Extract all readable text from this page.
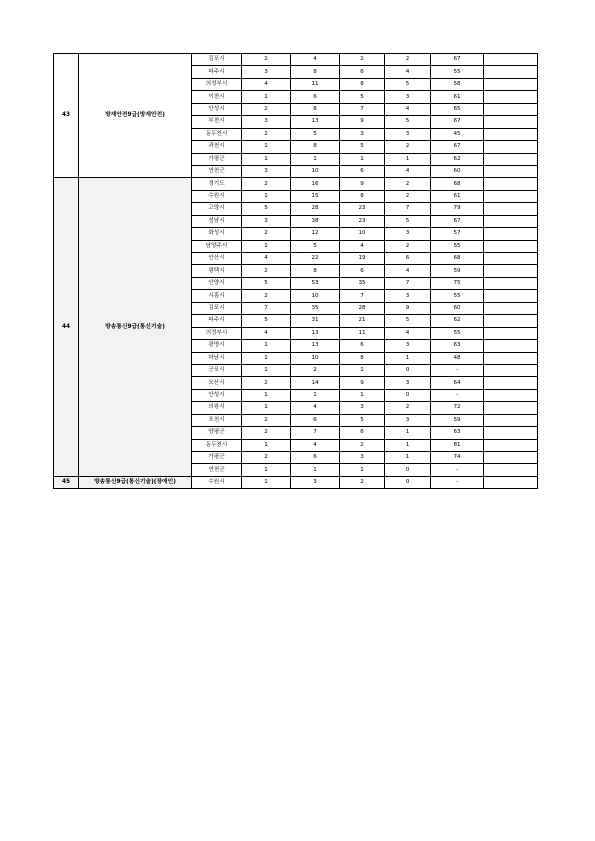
43	방재안전9급(방재안전)	김포시	2	4	2	2	67	
		파주시	3	8	6	4	55	
		의정부시	4	11	8	5	58	
		이천시	1	6	5	3	61	
		안성시	2	8	7	4	65	
		부천시	3	13	9	5	67	
		동두천시	2	5	3	3	45	
		과천시	1	8	5	2	67	
		가평군	1	1	1	1	62	
		연천군	3	10	6	4	60	
44	방송통신9급(통신기술)	경기도	2	16	9	2	68	
		수원시	1	15	8	2	61	
		고양시	5	28	23	7	79	
		성남시	3	38	23	5	67	
		화성시	2	12	10	3	57	
		남양주시	1	5	4	2	55	
		안산시	4	22	19	6	68	
		평택시	2	8	6	4	59	
		안양시	5	53	35	7	75	
		시흥시	2	10	7	3	55	
		김포시	7	35	28	9	60	
		파주시	5	31	21	5	62	
		의정부시	4	13	11	4	55	
		광명시	1	13	6	3	63	
		하남시	1	10	8	1	48	
		군포시	1	2	1	0	-	
		오산시	2	14	9	3	64	
		안성시	1	1	1	0	-	
		의왕시	1	4	3	2	72	
		포천시	2	6	5	3	59	
		양평군	2	7	6	1	63	
		동두천시	1	4	2	1	81	
		가평군	2	6	3	1	74	
		연천군	1	1	1	0	-	
45	방송통신9급(통신기술)(장애인)	수원시	1	3	2	0	-	
